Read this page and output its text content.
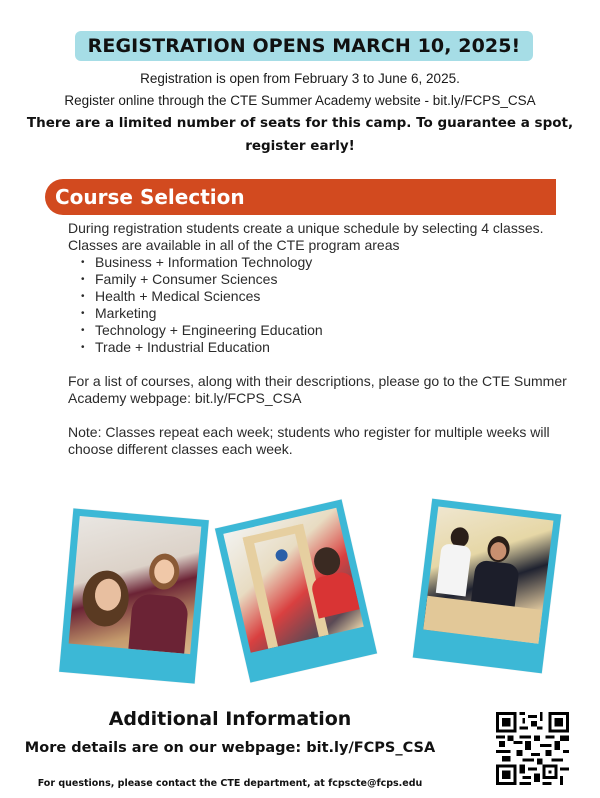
REGISTRATION OPENS MARCH 10, 2025!
Registration is open from February 3 to June 6, 2025.
Register online through the CTE Summer Academy website - bit.ly/FCPS_CSA
There are a limited number of seats for this camp. To guarantee a spot,
register early!
Course Selection

During registration students create a unique schedule by selecting 4 classes. Classes are available in all of the CTE program areas

• Business + Information Technology
• Family + Consumer Sciences
• Health + Medical Sciences
• Marketing
• Technology + Engineering Education
• Trade + Industrial Education

For a list of courses, along with their descriptions, please go to the CTE Summer Academy webpage: bit.ly/FCPS_CSA

Note: Classes repeat each week; students who register for multiple weeks will choose different classes each week.

Additional Information
More details are on our webpage: bit.ly/FCPS_CSA
For questions, please contact the CTE department, at fcpscte@fcps.edu
